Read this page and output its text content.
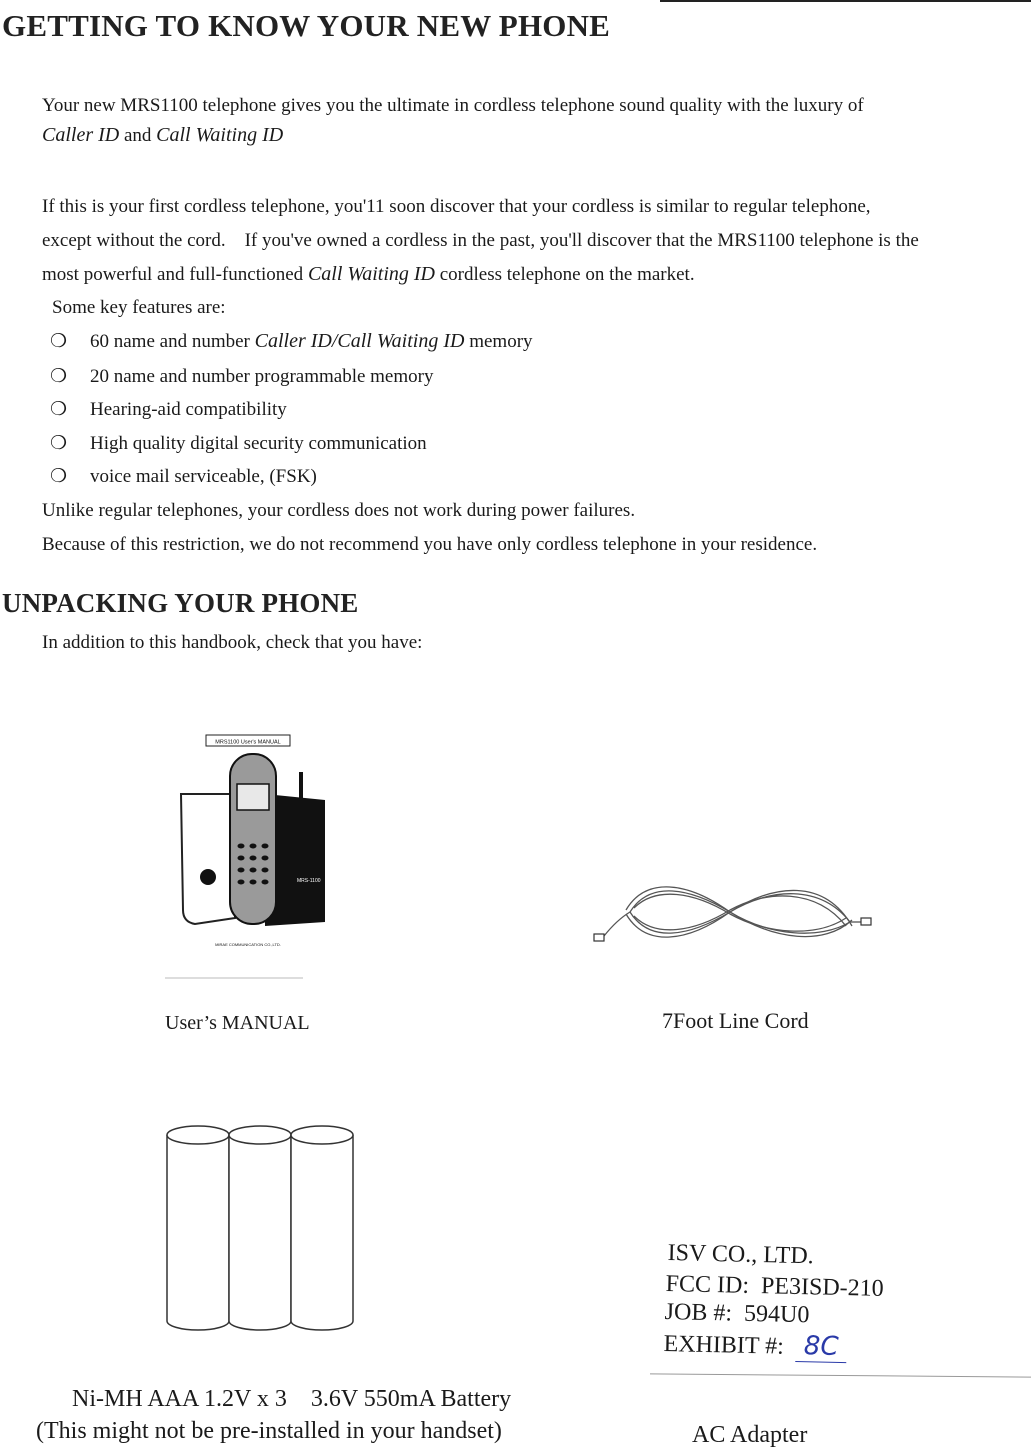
GETTING TO KNOW YOUR NEW PHONE
Your new MRS1100 telephone gives you the ultimate in cordless telephone sound quality with the luxury of
Caller ID and Call Waiting ID
If this is your first cordless telephone, you'11 soon discover that your cordless is similar to regular telephone,
except without the cord.    If you've owned a cordless in the past, you'll discover that the MRS1100 telephone is the
most powerful and full-functioned Call Waiting ID cordless telephone on the market.
Some key features are:
❍ 60 name and number Caller ID/Call Waiting ID memory
❍ 20 name and number programmable memory
❍ Hearing-aid compatibility
❍ High quality digital security communication
❍ voice mail serviceable, (FSK)
Unlike regular telephones, your cordless does not work during power failures.
Because of this restriction, we do not recommend you have only cordless telephone in your residence.
UNPACKING YOUR PHONE
In addition to this handbook, check that you have:
MRS1100 User's MANUAL
MRS-1100
MIRAE COMMUNICATION CO.,LTD.
User’s MANUAL	7Foot Line Cord
Ni-MH AAA 1.2V x 3    3.6V 550mA Battery
(This might not be pre-installed in your handset)	AC Adapter
ISV CO., LTD.
FCC ID:  PE3ISD-210
JOB #:  594U0
EXHIBIT #:  8C
